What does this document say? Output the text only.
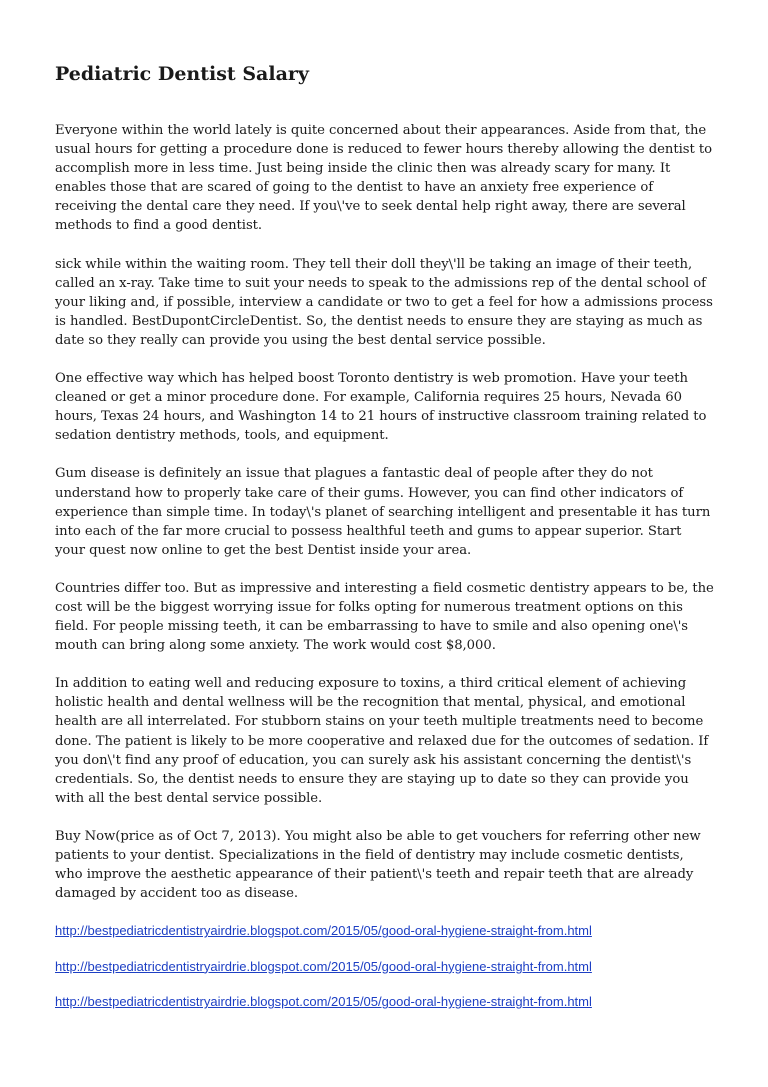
Pediatric Dentist Salary

Everyone within the world lately is quite concerned about their appearances. Aside from that, the usual hours for getting a procedure done is reduced to fewer hours thereby allowing the dentist to accomplish more in less time. Just being inside the clinic then was already scary for many. It enables those that are scared of going to the dentist to have an anxiety free experience of receiving the dental care they need. If you\'ve to seek dental help right away, there are several methods to find a good dentist.

sick while within the waiting room. They tell their doll they\'ll be taking an image of their teeth, called an x-ray. Take time to suit your needs to speak to the admissions rep of the dental school of your liking and, if possible, interview a candidate or two to get a feel for how a admissions process is handled. BestDupontCircleDentist. So, the dentist needs to ensure they are staying as much as date so they really can provide you using the best dental service possible.

One effective way which has helped boost Toronto dentistry is web promotion. Have your teeth cleaned or get a minor procedure done. For example, California requires 25 hours, Nevada 60 hours, Texas 24 hours, and Washington 14 to 21 hours of instructive classroom training related to sedation dentistry methods, tools, and equipment.

Gum disease is definitely an issue that plagues a fantastic deal of people after they do not understand how to properly take care of their gums. However, you can find other indicators of experience than simple time. In today\'s planet of searching intelligent and presentable it has turn into each of the far more crucial to possess healthful teeth and gums to appear superior. Start your quest now online to get the best Dentist inside your area.

Countries differ too. But as impressive and interesting a field cosmetic dentistry appears to be, the cost will be the biggest worrying issue for folks opting for numerous treatment options on this field. For people missing teeth, it can be embarrassing to have to smile and also opening one\'s mouth can bring along some anxiety. The work would cost $8,000.

In addition to eating well and reducing exposure to toxins, a third critical element of achieving holistic health and dental wellness will be the recognition that mental, physical, and emotional health are all interrelated. For stubborn stains on your teeth multiple treatments need to become done. The patient is likely to be more cooperative and relaxed due for the outcomes of sedation. If you don\'t find any proof of education, you can surely ask his assistant concerning the dentist\'s credentials. So, the dentist needs to ensure they are staying up to date so they can provide you with all the best dental service possible.

Buy Now(price as of Oct 7, 2013). You might also be able to get vouchers for referring other new patients to your dentist. Specializations in the field of dentistry may include cosmetic dentists, who improve the aesthetic appearance of their patient\'s teeth and repair teeth that are already damaged by accident too as disease.

http://bestpediatricdentistryairdrie.blogspot.com/2015/05/good-oral-hygiene-straight-from.html
http://bestpediatricdentistryairdrie.blogspot.com/2015/05/good-oral-hygiene-straight-from.html
http://bestpediatricdentistryairdrie.blogspot.com/2015/05/good-oral-hygiene-straight-from.html
